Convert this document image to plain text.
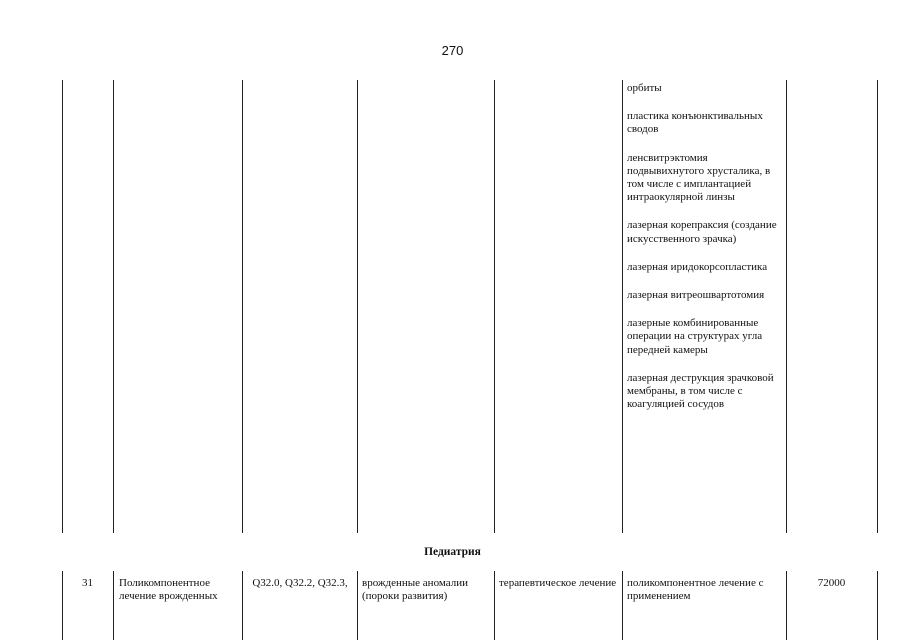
270
орбиты
пластика конъюнктивальных сводов
ленсвитрэктомия подвывихнутого хрусталика, в том числе с имплантацией интраокулярной линзы
лазерная корепраксия (создание искусственного зрачка)
лазерная иридокорсопластика
лазерная витреошвартотомия
лазерные комбинированные операции на структурах угла передней камеры
лазерная деструкция зрачковой мембраны, в том числе с коагуляцией сосудов
Педиатрия
31	Поликомпонентное лечение врожденных
Q32.0, Q32.2, Q32.3,	врожденные аномалии (пороки развития)
терапевтическое лечение поликомпонентное лечение с применением
72000
